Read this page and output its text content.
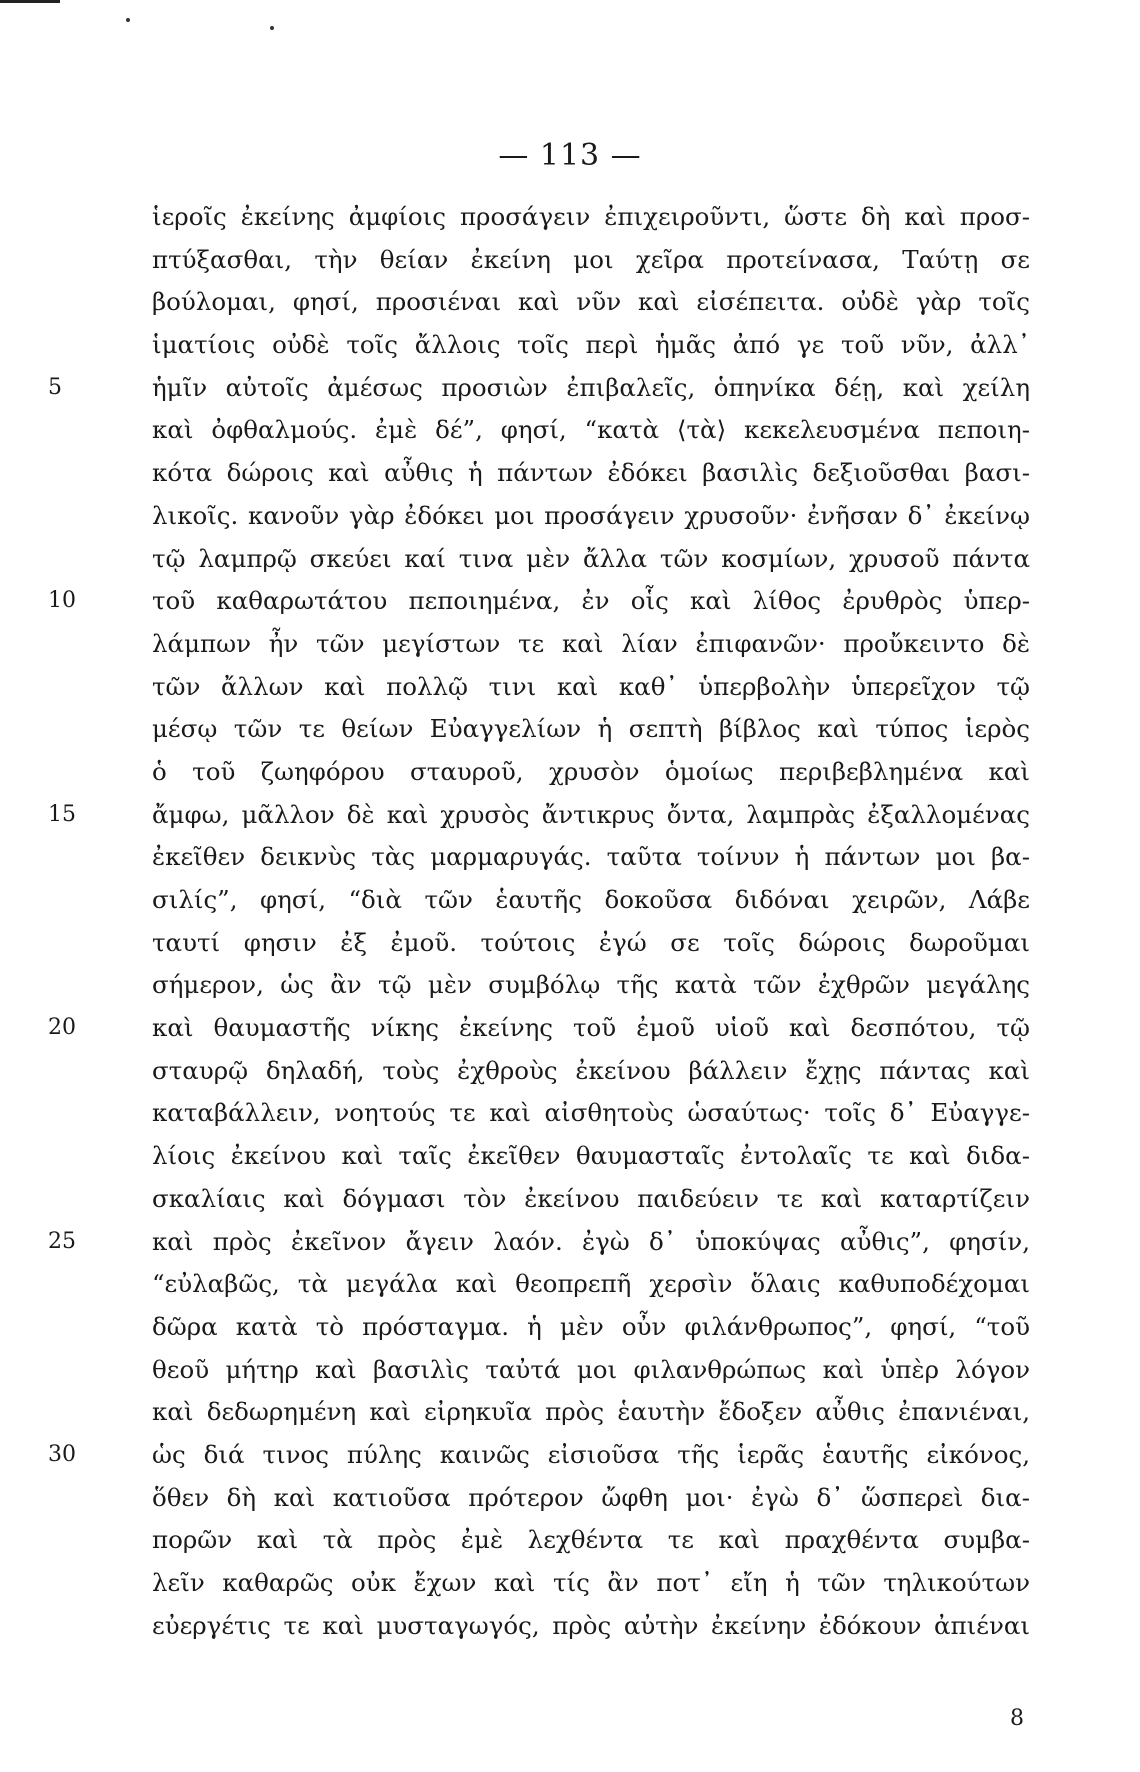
— 113 —
ἱεροῖς ἐκείνης ἀμφίοις προσάγειν ἐπιχειροῦντι, ὥστε δὴ καὶ προσ-
πτύξασθαι, τὴν θείαν ἐκείνη μοι χεῖρα προτείνασα, Ταύτῃ σε
βούλομαι, φησί, προσιέναι καὶ νῦν καὶ εἰσέπειτα. οὐδὲ γὰρ τοῖς
ἱματίοις οὐδὲ τοῖς ἄλλοις τοῖς περὶ ἡμᾶς ἀπό γε τοῦ νῦν, ἀλλ᾽
ἡμῖν αὐτοῖς ἀμέσως προσιὼν ἐπιβαλεῖς, ὁπηνίκα δέῃ, καὶ χείλη
5
καὶ ὀφθαλμούς. ἐμὲ δέ”, φησί, “κατὰ ⟨τὰ⟩ κεκελευσμένα πεποιη-
κότα δώροις καὶ αὖθις ἡ πάντων ἐδόκει βασιλὶς δεξιοῦσθαι βασι-
λικοῖς. κανοῦν γὰρ ἐδόκει μοι προσάγειν χρυσοῦν· ἐνῆσαν δ᾽ ἐκείνῳ
τῷ λαμπρῷ σκεύει καί τινα μὲν ἄλλα τῶν κοσμίων, χρυσοῦ πάντα
τοῦ καθαρωτάτου πεποιημένα, ἐν οἷς καὶ λίθος ἐρυθρὸς ὑπερ-
10
λάμπων ἦν τῶν μεγίστων τε καὶ λίαν ἐπιφανῶν· προὔκειντο δὲ
τῶν ἄλλων καὶ πολλῷ τινι καὶ καθ᾽ ὑπερβολὴν ὑπερεῖχον τῷ
μέσῳ τῶν τε θείων Εὐαγγελίων ἡ σεπτὴ βίβλος καὶ τύπος ἱερὸς
ὁ τοῦ ζωηφόρου σταυροῦ, χρυσὸν ὁμοίως περιβεβλημένα καὶ
ἄμφω, μᾶλλον δὲ καὶ χρυσὸς ἄντικρυς ὄντα, λαμπρὰς ἐξαλλομένας
15
ἐκεῖθεν δεικνὺς τὰς μαρμαρυγάς. ταῦτα τοίνυν ἡ πάντων μοι βα-
σιλίς”, φησί, “διὰ τῶν ἑαυτῆς δοκοῦσα διδόναι χειρῶν, Λάβε
ταυτί φησιν ἐξ ἐμοῦ. τούτοις ἐγώ σε τοῖς δώροις δωροῦμαι
σήμερον, ὡς ἂν τῷ μὲν συμβόλῳ τῆς κατὰ τῶν ἐχθρῶν μεγάλης
καὶ θαυμαστῆς νίκης ἐκείνης τοῦ ἐμοῦ υἱοῦ καὶ δεσπότου, τῷ
20
σταυρῷ δηλαδή, τοὺς ἐχθροὺς ἐκείνου βάλλειν ἔχῃς πάντας καὶ
καταβάλλειν, νοητούς τε καὶ αἰσθητοὺς ὡσαύτως· τοῖς δ᾽ Εὐαγγε-
λίοις ἐκείνου καὶ ταῖς ἐκεῖθεν θαυμασταῖς ἐντολαῖς τε καὶ διδα-
σκαλίαις καὶ δόγμασι τὸν ἐκείνου παιδεύειν τε καὶ καταρτίζειν
καὶ πρὸς ἐκεῖνον ἄγειν λαόν. ἐγὼ δ᾽ ὑποκύψας αὖθις”, φησίν,
25
“εὐλαβῶς, τὰ μεγάλα καὶ θεοπρεπῆ χερσὶν ὅλαις καθυποδέχομαι
δῶρα κατὰ τὸ πρόσταγμα. ἡ μὲν οὖν φιλάνθρωπος”, φησί, “τοῦ
θεοῦ μήτηρ καὶ βασιλὶς ταὐτά μοι φιλανθρώπως καὶ ὑπὲρ λόγον
καὶ δεδωρημένη καὶ εἰρηκυῖα πρὸς ἑαυτὴν ἔδοξεν αὖθις ἐπανιέναι,
ὡς διά τινος πύλης καινῶς εἰσιοῦσα τῆς ἱερᾶς ἑαυτῆς εἰκόνος,
30
ὅθεν δὴ καὶ κατιοῦσα πρότερον ὤφθη μοι· ἐγὼ δ᾽ ὥσπερεὶ δια-
πορῶν καὶ τὰ πρὸς ἐμὲ λεχθέντα τε καὶ πραχθέντα συμβα-
λεῖν καθαρῶς οὐκ ἔχων καὶ τίς ἂν ποτ᾽ εἴη ἡ τῶν τηλικούτων
εὐεργέτις τε καὶ μυσταγωγός, πρὸς αὐτὴν ἐκείνην ἐδόκουν ἀπιέναι
8
